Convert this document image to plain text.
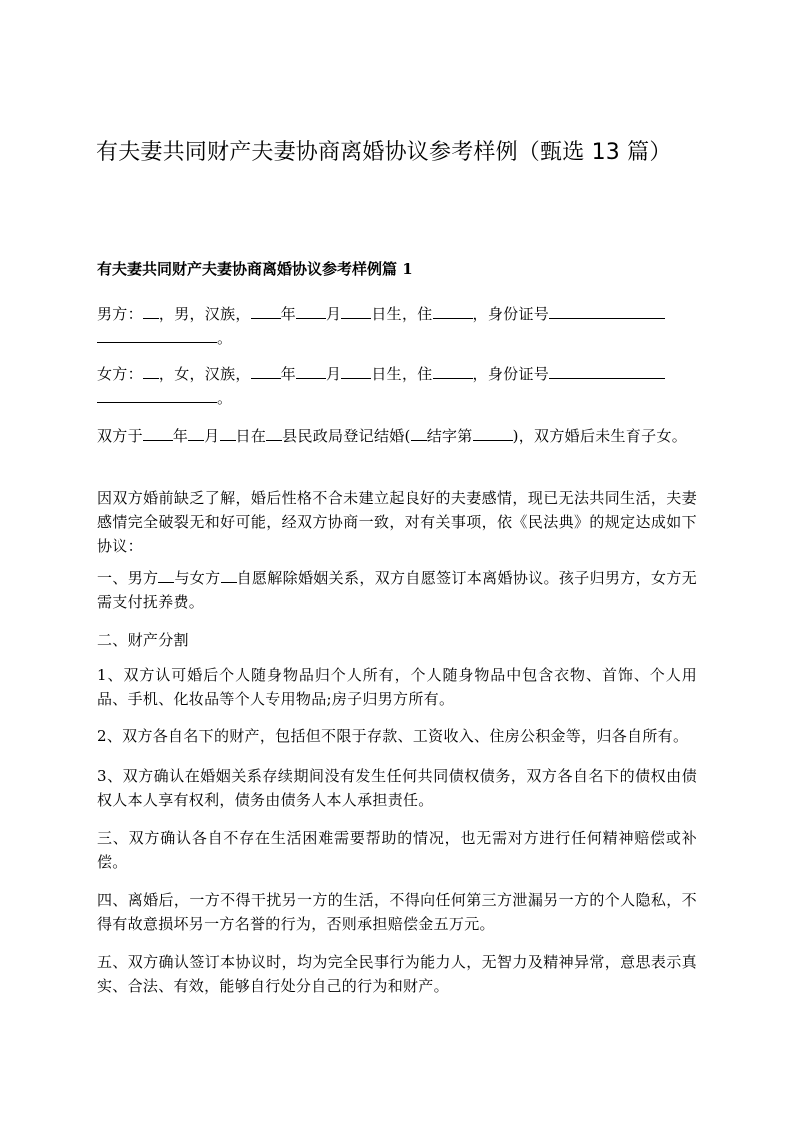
有夫妻共同财产夫妻协商离婚协议参考样例（甄选 13 篇）
有夫妻共同财产夫妻协商离婚协议参考样例篇 1

男方： ，男，汉族， 年 月 日生，住	，身份证号
。

女方： ，女，汉族， 年 月 日生，住	，身份证号
。

双方于 年 月 日在 县民政局登记结婚( 结字第	)，双方婚后未生育子女。

因双方婚前缺乏了解，婚后性格不合未建立起良好的夫妻感情，现已无法共同生活，夫妻感情完全破裂无和好可能，经双方协商一致，对有关事项，依《民法典》的规定达成如下协议：

一、男方 与女方 自愿解除婚姻关系，双方自愿签订本离婚协议。孩子归男方，女方无需支付抚养费。

二、财产分割

1、双方认可婚后个人随身物品归个人所有，个人随身物品中包含衣物、首饰、个人用品、手机、化妆品等个人专用物品;房子归男方所有。

2、双方各自名下的财产，包括但不限于存款、工资收入、住房公积金等，归各自所有。

3、双方确认在婚姻关系存续期间没有发生任何共同债权债务，双方各自名下的债权由债权人本人享有权利，债务由债务人本人承担责任。

三、双方确认各自不存在生活困难需要帮助的情况，也无需对方进行任何精神赔偿或补偿。

四、离婚后，一方不得干扰另一方的生活，不得向任何第三方泄漏另一方的个人隐私，不得有故意损坏另一方名誉的行为，否则承担赔偿金五万元。

五、双方确认签订本协议时，均为完全民事行为能力人，无智力及精神异常，意思表示真实、合法、有效，能够自行处分自己的行为和财产。
